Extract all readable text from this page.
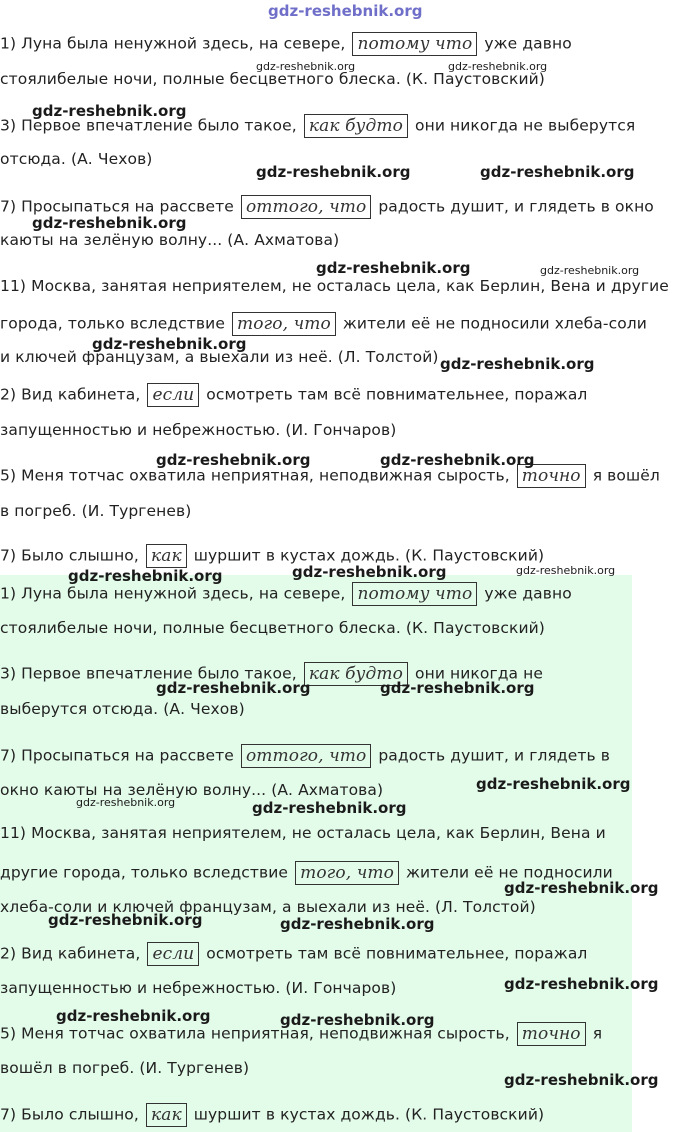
1) Луна была ненужной здесь, на севере, потому что уже давно
стоялибелые ночи, полные бесцветного блеска. (К. Паустовский)
3) Первое впечатление было такое, как будто они никогда не выберутся
отсюда. (А. Чехов)
7) Просыпаться на рассвете оттого, что радость душит, и глядеть в окно
каюты на зелёную волну... (А. Ахматова)
11) Москва, занятая неприятелем, не осталась цела, как Берлин, Вена и другие
города, только вследствие того, что жители её не подносили хлеба-соли
и ключей французам, а выехали из неё. (Л. Толстой)
2) Вид кабинета, если осмотреть там всё повнимательнее, поражал
запущенностью и небрежностью. (И. Гончаров)
5) Меня тотчас охватила неприятная, неподвижная сырость, точно я вошёл
в погреб. (И. Тургенев)
7) Было слышно, как шуршит в кустах дождь. (К. Паустовский)
1) Луна была ненужной здесь, на севере, потому что уже давно
стоялибелые ночи, полные бесцветного блеска. (К. Паустовский)
3) Первое впечатление было такое, как будто они никогда не
выберутся отсюда. (А. Чехов)
7) Просыпаться на рассвете оттого, что радость душит, и глядеть в
окно каюты на зелёную волну... (А. Ахматова)
11) Москва, занятая неприятелем, не осталась цела, как Берлин, Вена и
другие города, только вследствие того, что жители её не подносили
хлеба-соли и ключей французам, а выехали из неё. (Л. Толстой)
2) Вид кабинета, если осмотреть там всё повнимательнее, поражал
запущенностью и небрежностью. (И. Гончаров)
5) Меня тотчас охватила неприятная, неподвижная сырость, точно я
вошёл в погреб. (И. Тургенев)
7) Было слышно, как шуршит в кустах дождь. (К. Паустовский)
gdz-reshebnik.org
gdz-reshebnik.org	gdz-reshebnik.org
gdz-reshebnik.org
gdz-reshebnik.org	gdz-reshebnik.org
gdz-reshebnik.org
gdz-reshebnik.org	gdz-reshebnik.org
gdz-reshebnik.org
gdz-reshebnik.org
gdz-reshebnik.org	gdz-reshebnik.org
gdz-reshebnik.org	gdz-reshebnik.org	gdz-reshebnik.org
gdz-reshebnik.org	gdz-reshebnik.org
gdz-reshebnik.org
gdz-reshebnik.org	gdz-reshebnik.org
gdz-reshebnik.org
gdz-reshebnik.org	gdz-reshebnik.org
gdz-reshebnik.org
gdz-reshebnik.org	gdz-reshebnik.org
gdz-reshebnik.org
